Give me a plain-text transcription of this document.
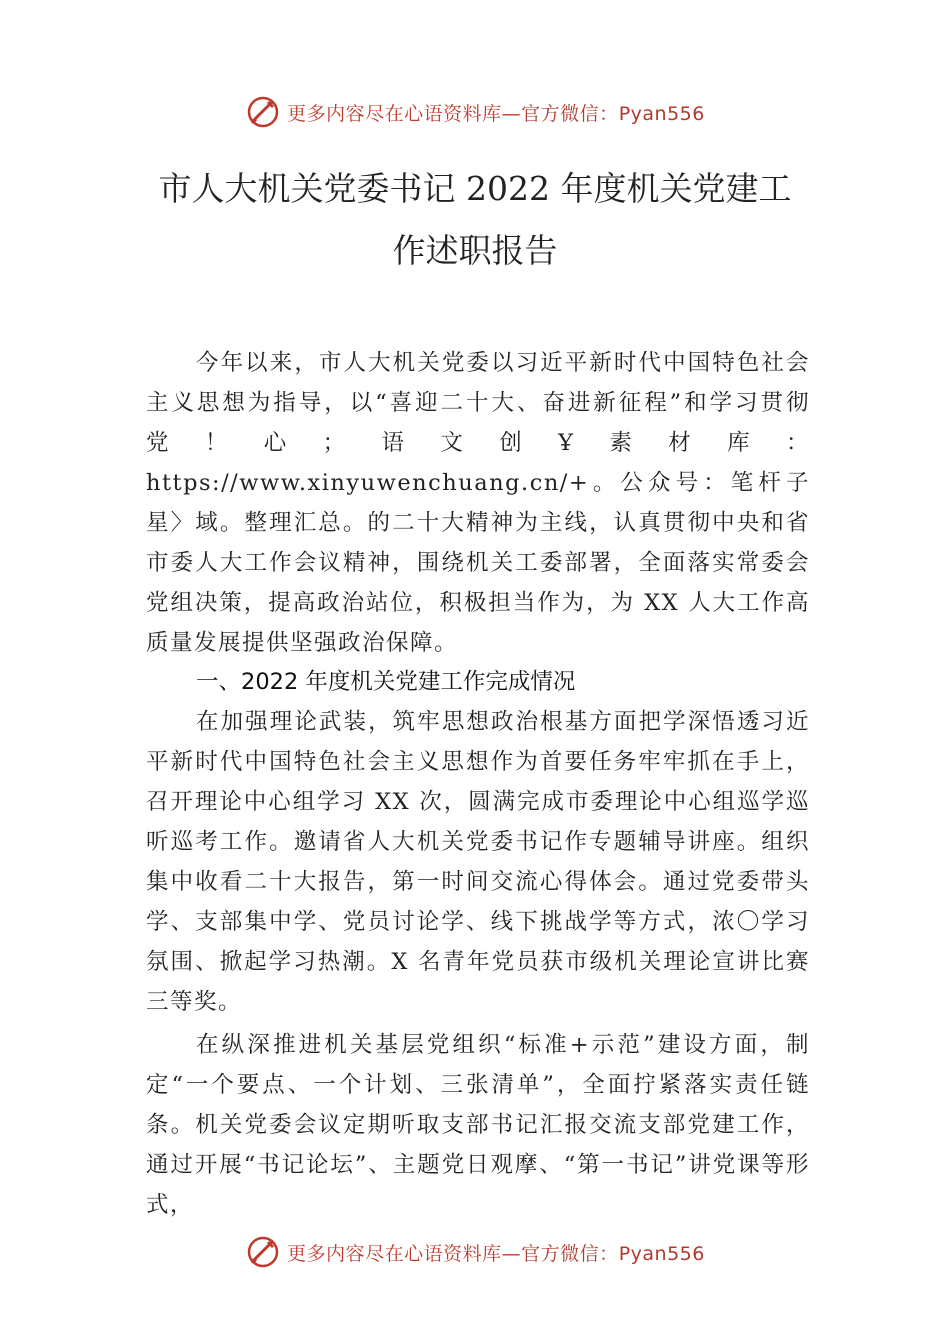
更多内容尽在心语资料库—官方微信：Pyan556
市人大机关党委书记 2022 年度机关党建工
作述职报告
今年以来，市人大机关党委以习近平新时代中国特色社会主义思想为指导，以“喜迎二十大、奋进新征程”和学习贯彻党！心；语文创Ұ素材库：https://www.xinyuwenchuang.cn/+。公众号：笔杆子星〉域。整理汇总。的二十大精神为主线，认真贯彻中央和省市委人大工作会议精神，围绕机关工委部署，全面落实常委会党组决策，提高政治站位，积极担当作为，为 XX 人大工作高质量发展提供坚强政治保障。
一、2022 年度机关党建工作完成情况
在加强理论武装，筑牢思想政治根基方面把学深悟透习近平新时代中国特色社会主义思想作为首要任务牢牢抓在手上，召开理论中心组学习 XX 次，圆满完成市委理论中心组巡学巡听巡考工作。邀请省人大机关党委书记作专题辅导讲座。组织集中收看二十大报告，第一时间交流心得体会。通过党委带头学、支部集中学、党员讨论学、线下挑战学等方式，浓〇学习氛围、掀起学习热潮。X 名青年党员获市级机关理论宣讲比赛三等奖。
在纵深推进机关基层党组织“标准+示范”建设方面，制定“一个要点、一个计划、三张清单”，全面拧紧落实责任链条。机关党委会议定期听取支部书记汇报交流支部党建工作，通过开展“书记论坛”、主题党日观摩、“第一书记”讲党课等形式，
更多内容尽在心语资料库—官方微信：Pyan556
